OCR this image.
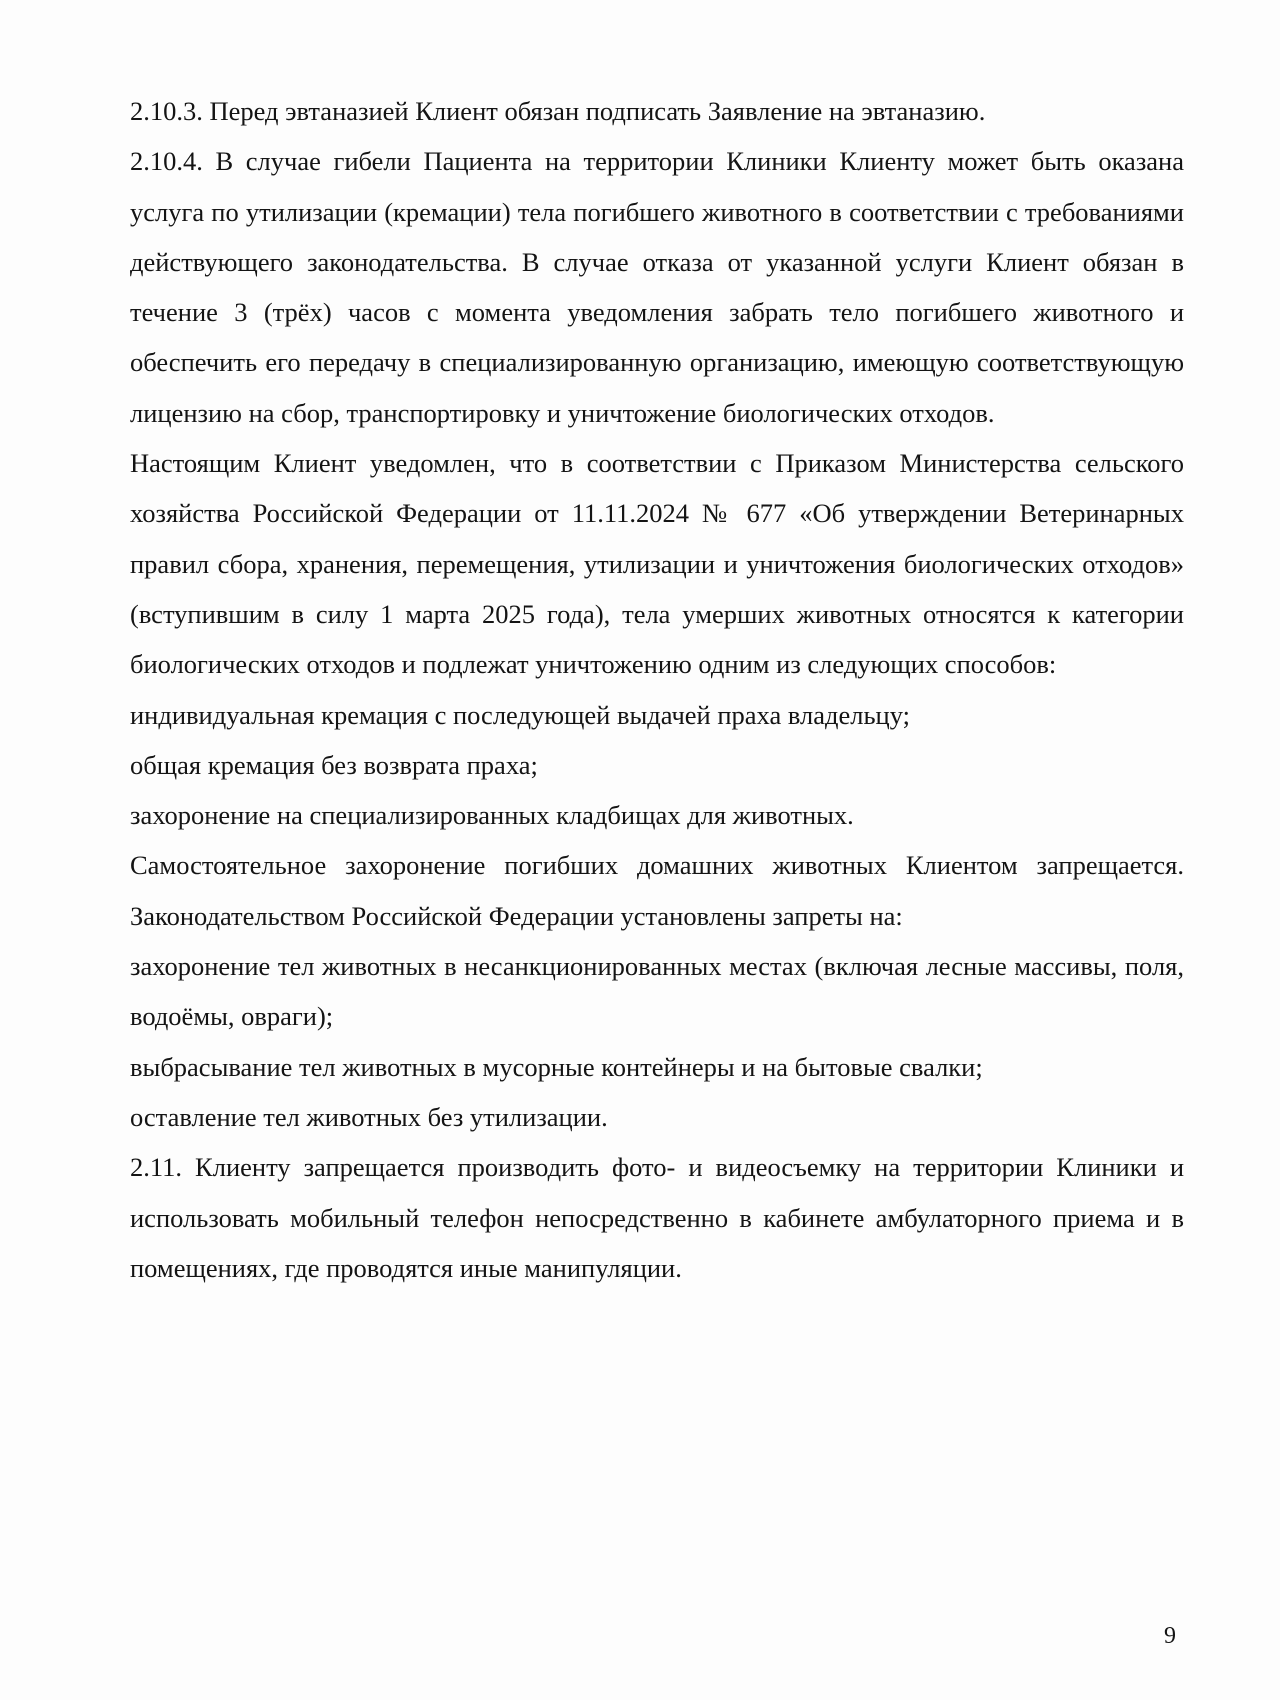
2.10.3. Перед эвтаназией Клиент обязан подписать Заявление на эвтаназию.

2.10.4. В случае гибели Пациента на территории Клиники Клиенту может быть оказана услуга по утилизации (кремации) тела погибшего животного в соответствии с требованиями действующего законодательства. В случае отказа от указанной услуги Клиент обязан в течение 3 (трёх) часов с момента уведомления забрать тело погибшего животного и обеспечить его передачу в специализированную организацию, имеющую соответствующую лицензию на сбор, транспортировку и уничтожение биологических отходов.

Настоящим Клиент уведомлен, что в соответствии с Приказом Министерства сельского хозяйства Российской Федерации от 11.11.2024 № 677 «Об утверждении Ветеринарных правил сбора, хранения, перемещения, утилизации и уничтожения биологических отходов» (вступившим в силу 1 марта 2025 года), тела умерших животных относятся к категории биологических отходов и подлежат уничтожению одним из следующих способов:

индивидуальная кремация с последующей выдачей праха владельцу;

общая кремация без возврата праха;

захоронение на специализированных кладбищах для животных.

Самостоятельное захоронение погибших домашних животных Клиентом запрещается. Законодательством Российской Федерации установлены запреты на:

захоронение тел животных в несанкционированных местах (включая лесные массивы, поля, водоёмы, овраги);

выбрасывание тел животных в мусорные контейнеры и на бытовые свалки;

оставление тел животных без утилизации.

2.11. Клиенту запрещается производить фото- и видеосъемку на территории Клиники и использовать мобильный телефон непосредственно в кабинете амбулаторного приема и в помещениях, где проводятся иные манипуляции.

9
